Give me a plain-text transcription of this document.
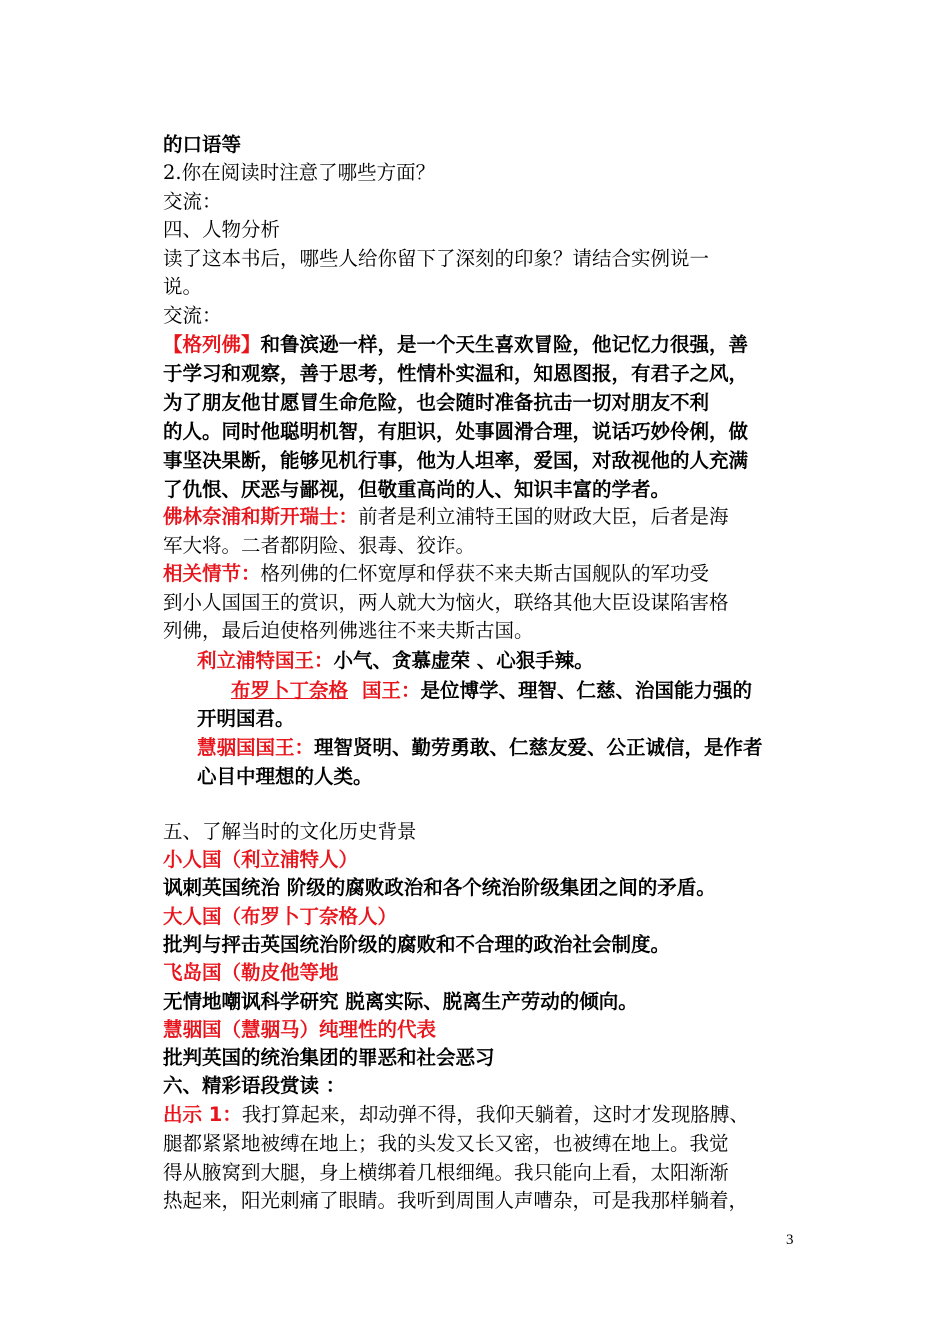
的口语等
2.你在阅读时注意了哪些方面？
交流：
四、人物分析
读了这本书后，哪些人给你留下了深刻的印象？请结合实例说一
说。
交流：
【格列佛】和鲁滨逊一样，是一个天生喜欢冒险，他记忆力很强，善
于学习和观察，善于思考，性情朴实温和，知恩图报，有君子之风，
为了朋友他甘愿冒生命危险，也会随时准备抗击一切对朋友不利
的人。同时他聪明机智，有胆识，处事圆滑合理，说话巧妙伶俐，做
事坚决果断，能够见机行事，他为人坦率，爱国，对敌视他的人充满
了仇恨、厌恶与鄙视，但敬重高尚的人、知识丰富的学者。
佛林奈浦和斯开瑞士：前者是利立浦特王国的财政大臣，后者是海
军大将。二者都阴险、狠毒、狡诈。
相关情节：格列佛的仁怀宽厚和俘获不来夫斯古国舰队的军功受
到小人国国王的赏识，两人就大为恼火，联络其他大臣设谋陷害格
列佛，最后迫使格列佛逃往不来夫斯古国。
利立浦特国王：小气、贪慕虚荣 、心狠手辣。
布罗卜丁奈格 国王：是位博学、理智、仁慈、治国能力强的
开明国君。
慧骃国国王：理智贤明、勤劳勇敢、仁慈友爱、公正诚信，是作者
心目中理想的人类。
五、了解当时的文化历史背景
小人国（利立浦特人）
讽刺英国统治 阶级的腐败政治和各个统治阶级集团之间的矛盾。
大人国（布罗卜丁奈格人）
批判与抨击英国统治阶级的腐败和不合理的政治社会制度。
飞岛国（勒皮他等地
无情地嘲讽科学研究 脱离实际、脱离生产劳动的倾向。
慧骃国（慧骃马）纯理性的代表
批判英国的统治集团的罪恶和社会恶习
六、精彩语段赏读 ：
出示 1：我打算起来，却动弹不得，我仰天躺着，这时才发现胳膊、
腿都紧紧地被缚在地上；我的头发又长又密，也被缚在地上。我觉
得从腋窝到大腿，身上横绑着几根细绳。我只能向上看，太阳渐渐
热起来，阳光刺痛了眼睛。我听到周围人声嘈杂，可是我那样躺着，
3
